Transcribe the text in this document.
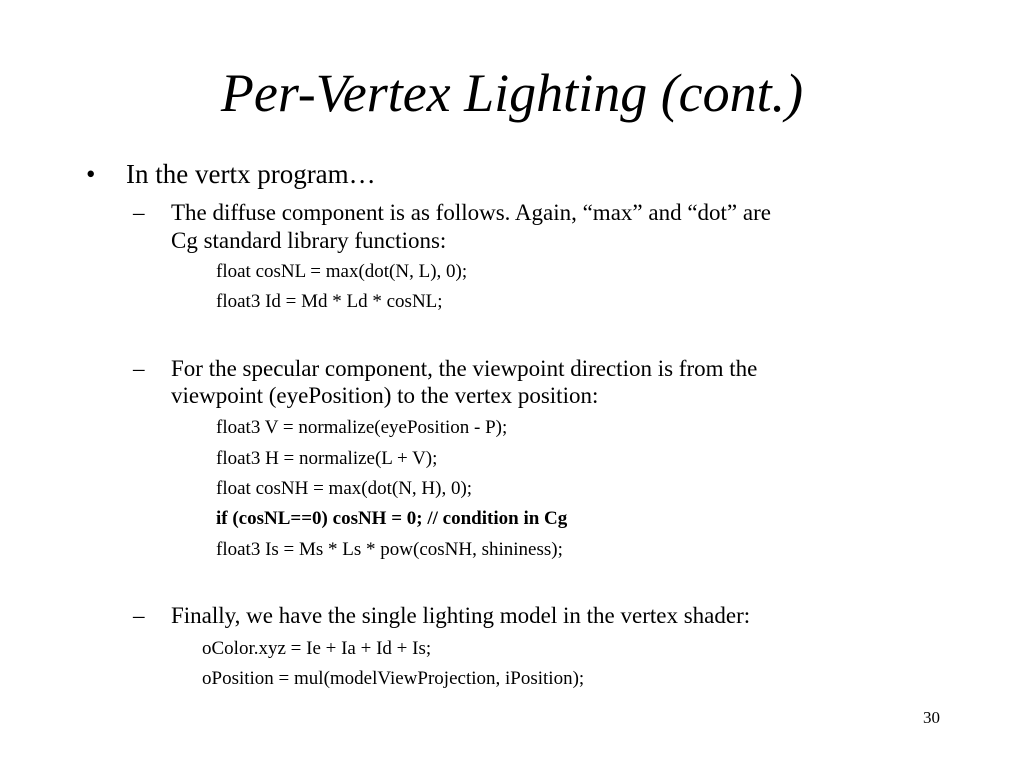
Per-Vertex Lighting (cont.)
• In the vertx program…
– The diffuse component is as follows. Again, “max” and “dot” are
Cg standard library functions:
float cosNL = max(dot(N, L), 0);
float3 Id = Md * Ld * cosNL;
– For the specular component, the viewpoint direction is from the
viewpoint (eyePosition) to the vertex position:
float3 V = normalize(eyePosition - P);
float3 H = normalize(L + V);
float cosNH = max(dot(N, H), 0);
if (cosNL==0) cosNH = 0; // condition in Cg
float3 Is = Ms * Ls * pow(cosNH, shininess);
– Finally, we have the single lighting model in the vertex shader:
oColor.xyz = Ie + Ia + Id + Is;
oPosition = mul(modelViewProjection, iPosition);
30
